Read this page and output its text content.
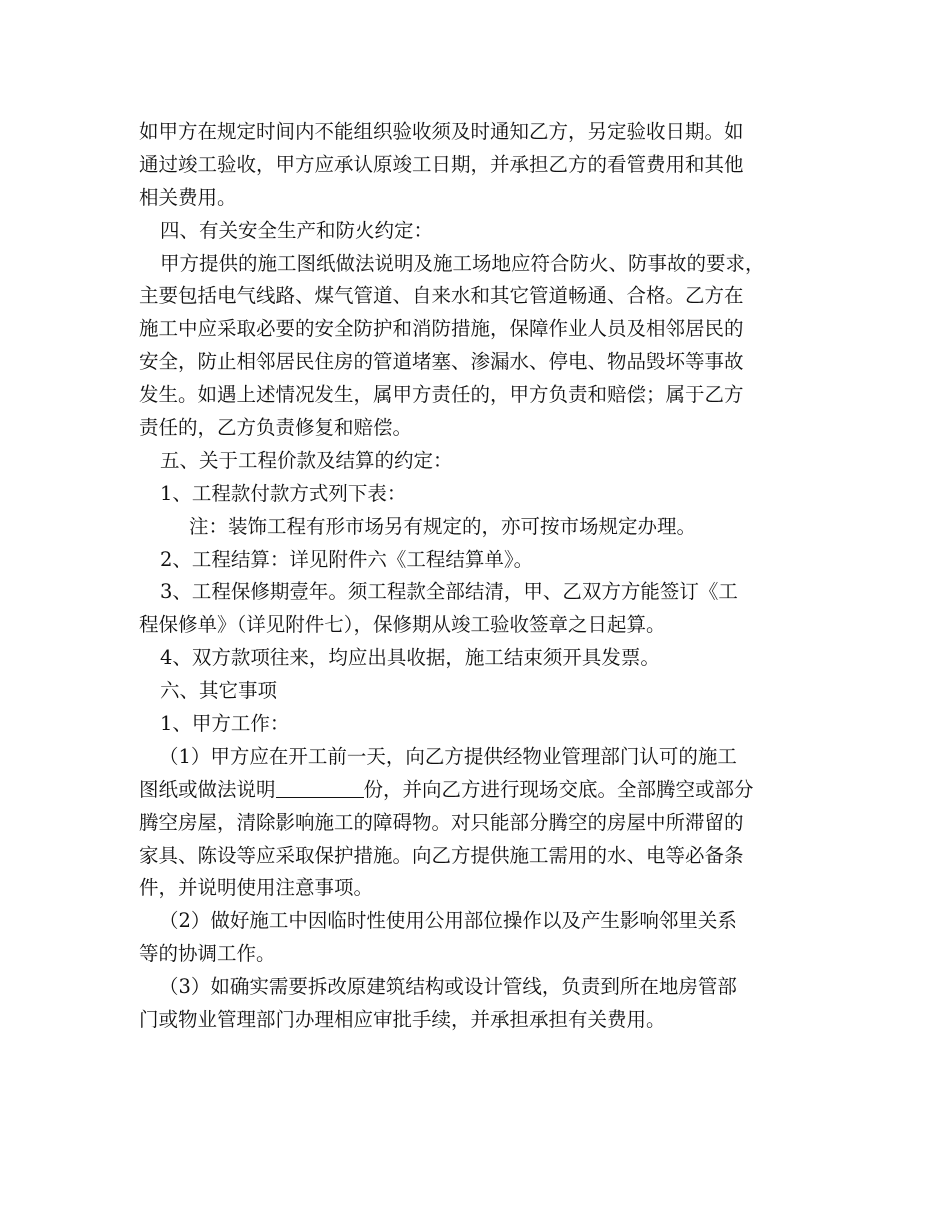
如甲方在规定时间内不能组织验收须及时通知乙方，另定验收日期。如
通过竣工验收，甲方应承认原竣工日期，并承担乙方的看管费用和其他
相关费用。
四、有关安全生产和防火约定：
甲方提供的施工图纸做法说明及施工场地应符合防火、防事故的要求，
主要包括电气线路、煤气管道、自来水和其它管道畅通、合格。乙方在
施工中应采取必要的安全防护和消防措施，保障作业人员及相邻居民的
安全，防止相邻居民住房的管道堵塞、渗漏水、停电、物品毁坏等事故
发生。如遇上述情况发生，属甲方责任的，甲方负责和赔偿；属于乙方
责任的，乙方负责修复和赔偿。
五、关于工程价款及结算的约定：
1、工程款付款方式列下表：
注：装饰工程有形市场另有规定的，亦可按市场规定办理。
2、工程结算：详见附件六《工程结算单》。
3、工程保修期壹年。须工程款全部结清，甲、乙双方方能签订《工
程保修单》（详见附件七），保修期从竣工验收签章之日起算。
4、双方款项往来，均应出具收据，施工结束须开具发票。
六、其它事项
1、甲方工作：
（1）甲方应在开工前一天，向乙方提供经物业管理部门认可的施工
图纸或做法说明	份，并向乙方进行现场交底。全部腾空或部分
腾空房屋，清除影响施工的障碍物。对只能部分腾空的房屋中所滞留的
家具、陈设等应采取保护措施。向乙方提供施工需用的水、电等必备条
件，并说明使用注意事项。
（2）做好施工中因临时性使用公用部位操作以及产生影响邻里关系
等的协调工作。
（3）如确实需要拆改原建筑结构或设计管线，负责到所在地房管部
门或物业管理部门办理相应审批手续，并承担承担有关费用。
